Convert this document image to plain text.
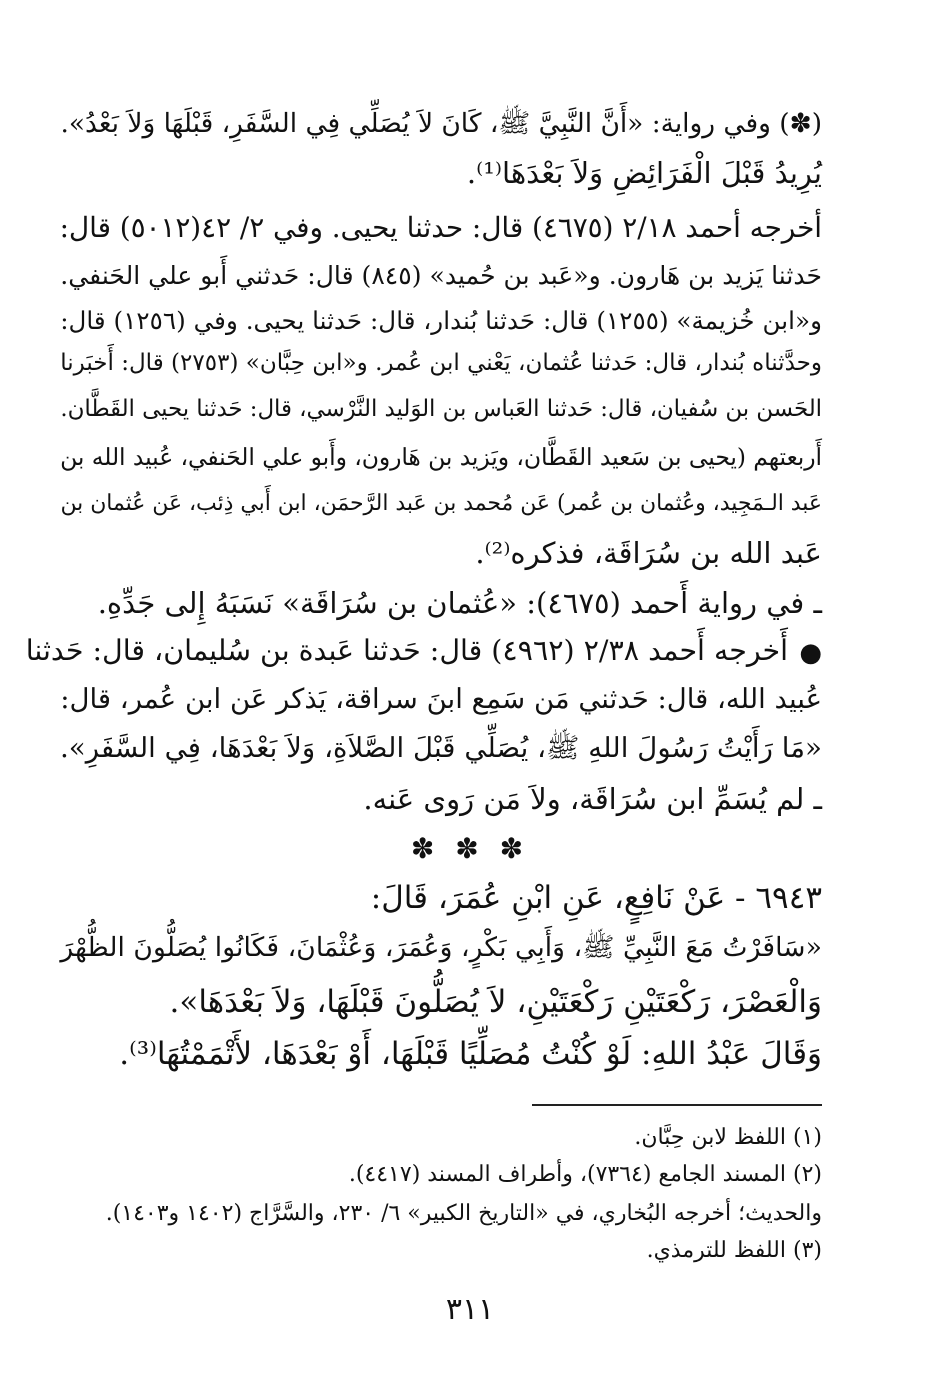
(✽) وفي رواية: «أَنَّ النَّبِيَّ ﷺ، كَانَ لاَ يُصَلِّي فِي السَّفَرِ، قَبْلَهَا وَلاَ بَعْدُ».
يُرِيدُ قَبْلَ الْفَرَائِضِ وَلاَ بَعْدَهَا⁽¹⁾.
أخرجه أحمد ٢/١٨ (٤٦٧٥) قال: حدثنا يحيى. وفي ٢/ ٤٢(٥٠١٢) قال:
حَدثنا يَزيد بن هَارون. و«عَبد بن حُميد» (٨٤٥) قال: حَدثني أَبو علي الحَنفي.
و«ابن خُزيمة» (١٢٥٥) قال: حَدثنا بُندار، قال: حَدثنا يحيى. وفي (١٢٥٦) قال:
وحدَّثناه بُندار، قال: حَدثنا عُثمان، يَعْني ابن عُمر. و«ابن حِبَّان» (٢٧٥٣) قال: أَخبَرنا
الحَسن بن سُفيان، قال: حَدثنا العَباس بن الوَليد النَّرْسي، قال: حَدثنا يحيى القَطَّان.
أَربعتهم (يحيى بن سَعيد القَطَّان، ويَزيد بن هَارون، وأَبو علي الحَنفي، عُبيد الله بن
عَبد الـمَجِيد، وعُثمان بن عُمر) عَن مُحمد بن عَبد الرَّحمَن، ابن أَبي ذِئب، عَن عُثمان بن
عَبد الله بن سُرَاقَة، فذكره⁽²⁾.
ـ في رواية أَحمد (٤٦٧٥): «عُثمان بن سُرَاقَة» نَسَبَهُ إِلى جَدِّهِ.
●
أَخرجه أَحمد ٢/٣٨ (٤٩٦٢) قال: حَدثنا عَبدة بن سُليمان، قال: حَدثنا
عُبيد الله، قال: حَدثني مَن سَمِع ابنَ سراقة، يَذكر عَن ابن عُمر، قال:
«مَا رَأَيْتُ رَسُولَ اللهِ ﷺ، يُصَلِّي قَبْلَ الصَّلاَةِ، وَلاَ بَعْدَهَا، فِي السَّفَرِ».
ـ لم يُسَمِّ ابن سُرَاقَة، ولاَ مَن رَوى عَنه.
✽ ✽ ✽
٦٩٤٣ - عَنْ نَافِعٍ، عَنِ ابْنِ عُمَرَ، قَالَ:
«سَافَرْتُ مَعَ النَّبِيِّ ﷺ، وَأَبِي بَكْرٍ، وَعُمَرَ، وَعُثْمَانَ، فَكَانُوا يُصَلُّونَ الظُّهْرَ
وَالْعَصْرَ، رَكْعَتَيْنِ رَكْعَتَيْنِ، لاَ يُصَلُّونَ قَبْلَهَا، وَلاَ بَعْدَهَا».
وَقَالَ عَبْدُ اللهِ: لَوْ كُنْتُ مُصَلِّيًا قَبْلَهَا، أَوْ بَعْدَهَا، لأَتْمَمْتُهَا⁽³⁾.
(١) اللفظ لابن حِبَّان.
(٢) المسند الجامع (٧٣٦٤)، وأطراف المسند (٤٤١٧).
والحديث؛ أخرجه البُخاري، في «التاريخ الكبير» ٦/ ٢٣٠، والسَّرَّاج (١٤٠٢ و١٤٠٣).
(٣) اللفظ للترمذي.
٣١١
